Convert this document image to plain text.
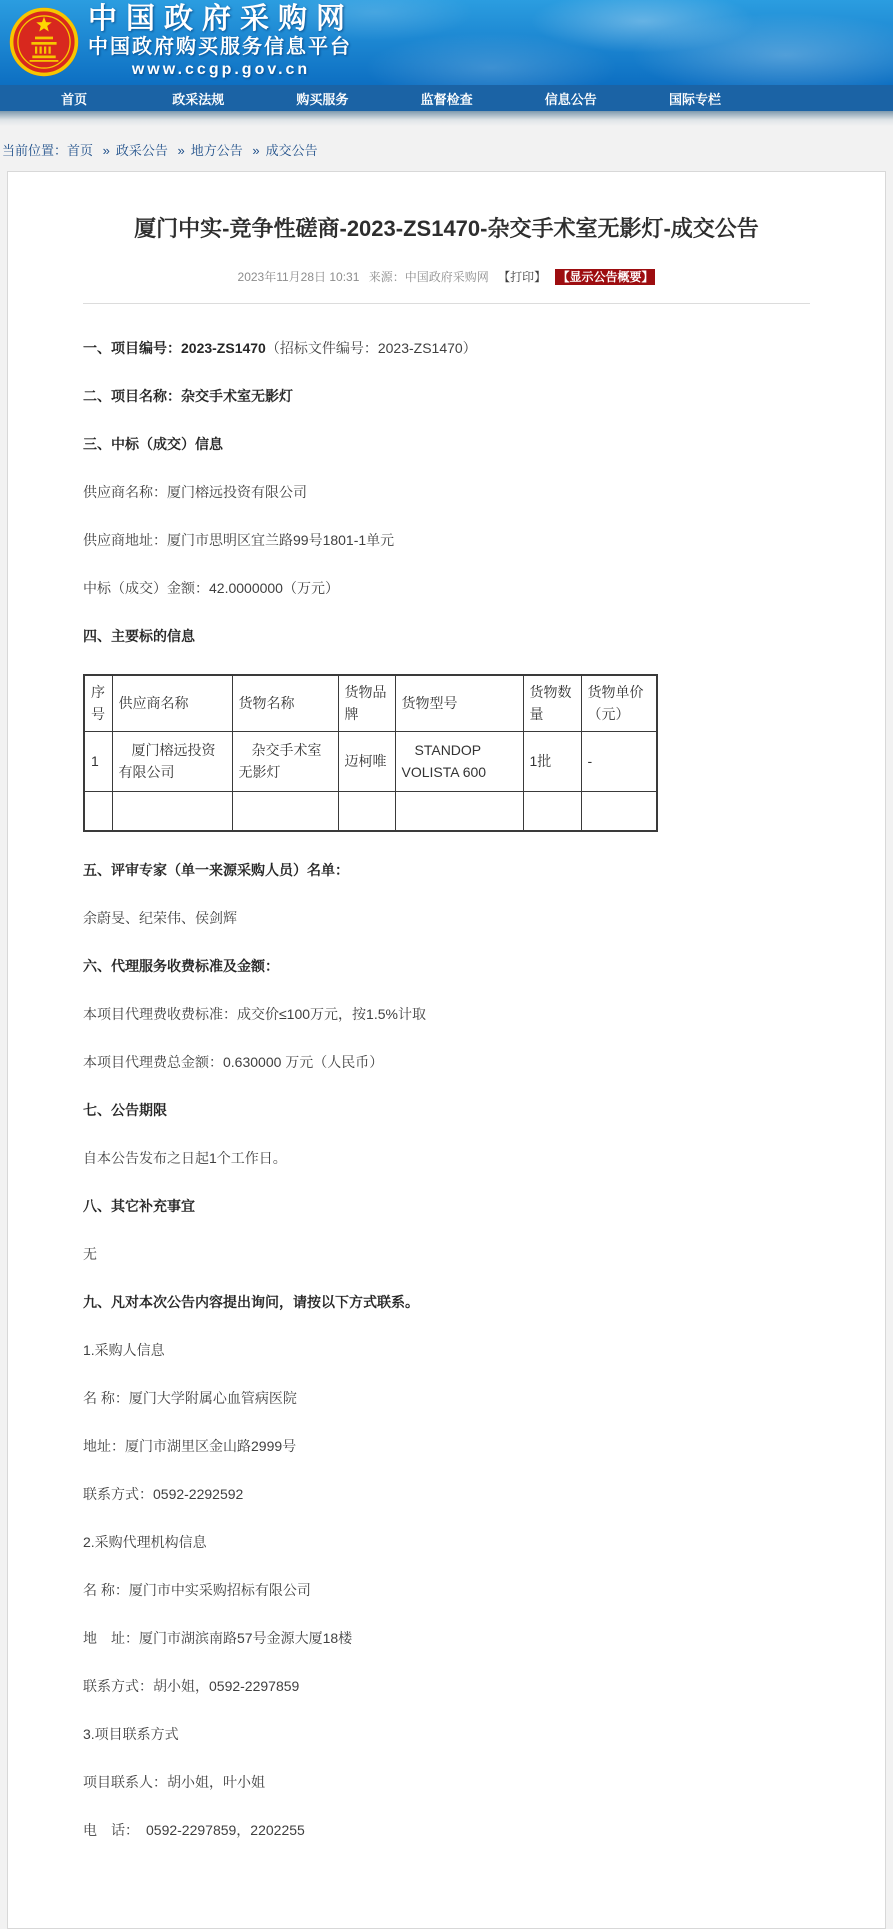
中国政府采购网
中国政府购买服务信息平台
www.ccgp.gov.cn
首页	政采法规	购买服务	监督检查	信息公告	国际专栏
当前位置：首页 » 政采公告 » 地方公告 » 成交公告
厦门中实-竞争性磋商-2023-ZS1470-杂交手术室无影灯-成交公告
2023年11月28日 10:31 来源：中国政府采购网 【打印】 【显示公告概要】

一、项目编号：2023-ZS1470（招标文件编号：2023-ZS1470）

二、项目名称：杂交手术室无影灯
三、中标（成交）信息

供应商名称：厦门榕远投资有限公司

供应商地址：厦门市思明区宜兰路99号1801-1单元

中标（成交）金额：42.0000000（万元）

四、主要标的信息
序号	供应商名称	货物名称	货物品牌	货物型号	货物数量	货物单价（元）
1	厦门榕远投资有限公司	杂交手术室无影灯	迈柯唯	STANDOP VOLISTA 600	1批	-

五、评审专家（单一来源采购人员）名单：

余蔚旻、纪荣伟、侯剑辉

六、代理服务收费标准及金额：

本项目代理费收费标准：成交价≤100万元，按1.5%计取

本项目代理费总金额：0.630000 万元（人民币）

七、公告期限

自本公告发布之日起1个工作日。

八、其它补充事宜

无

九、凡对本次公告内容提出询问，请按以下方式联系。

1.采购人信息

名 称：厦门大学附属心血管病医院

地址：厦门市湖里区金山路2999号

联系方式：0592-2292592

2.采购代理机构信息

名 称：厦门市中实采购招标有限公司

地　址：厦门市湖滨南路57号金源大厦18楼

联系方式：胡小姐，0592-2297859

3.项目联系方式

项目联系人：胡小姐，叶小姐

电　话：　0592-2297859，2202255
